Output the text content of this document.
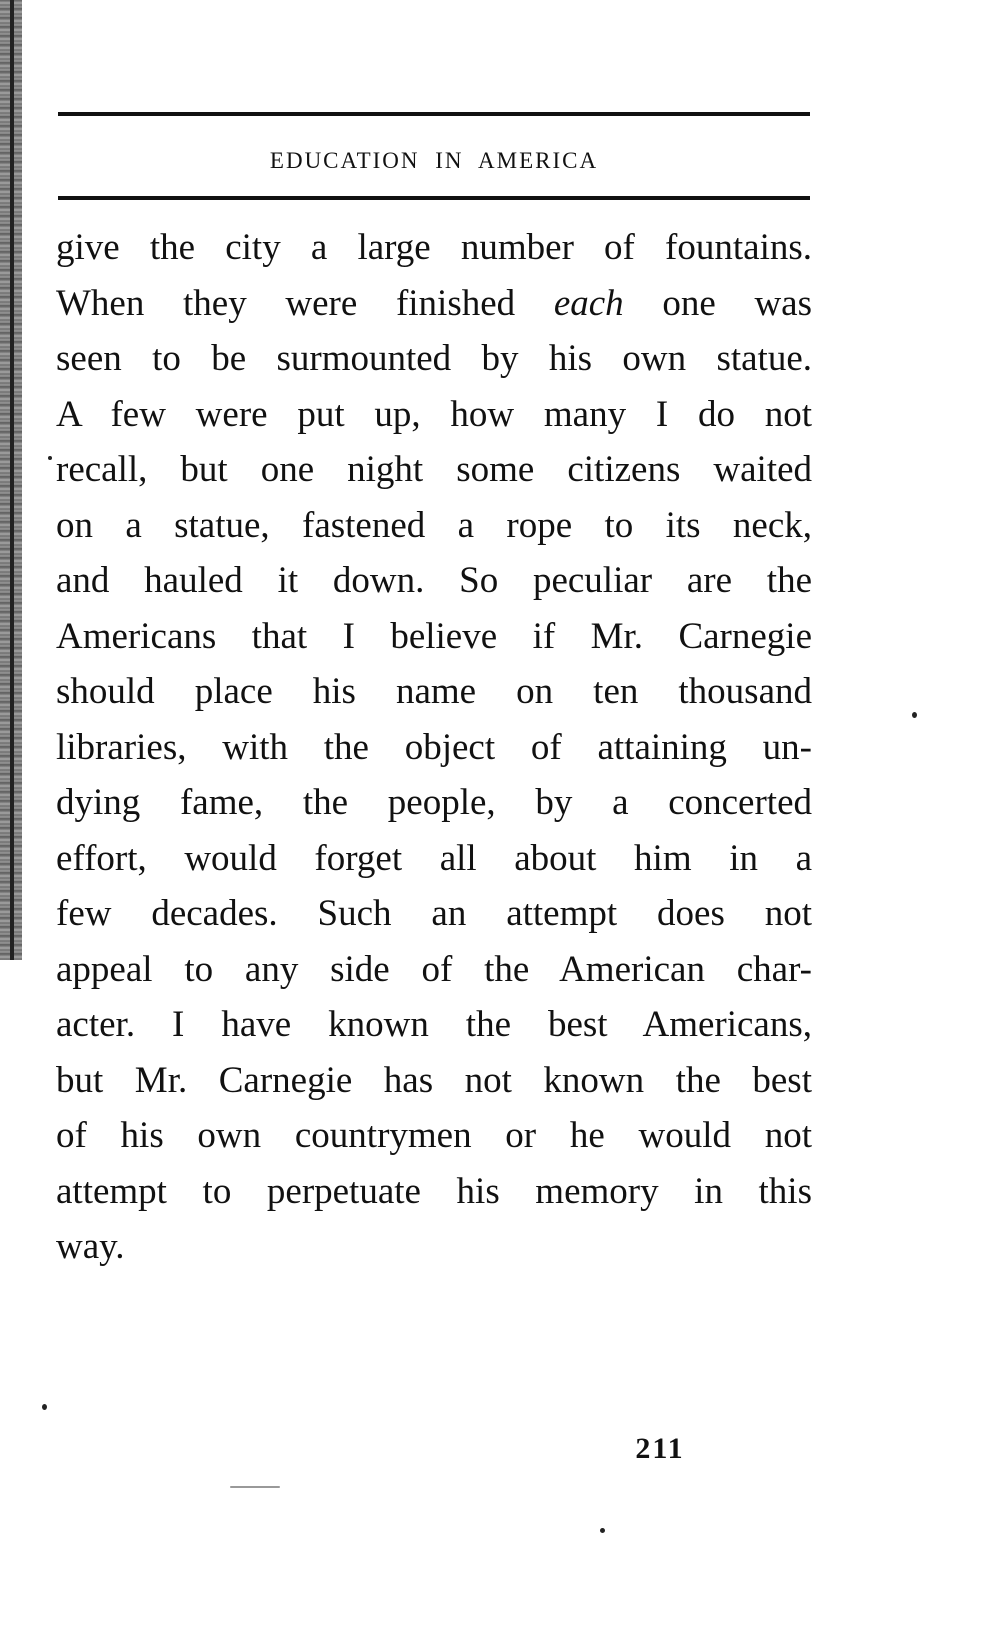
EDUCATION IN AMERICA
give the city a large number of fountains.
When they were finished each one was
seen to be surmounted by his own statue.
A few were put up, how many I do not
recall, but one night some citizens waited
on a statue, fastened a rope to its neck,
and hauled it down. So peculiar are the
Americans that I believe if Mr. Carnegie
should place his name on ten thousand
libraries, with the object of attaining un-
dying fame, the people, by a concerted
effort, would forget all about him in a
few decades. Such an attempt does not
appeal to any side of the American char-
acter. I have known the best Americans,
but Mr. Carnegie has not known the best
of his own countrymen or he would not
attempt to perpetuate his memory in this
way.
211
